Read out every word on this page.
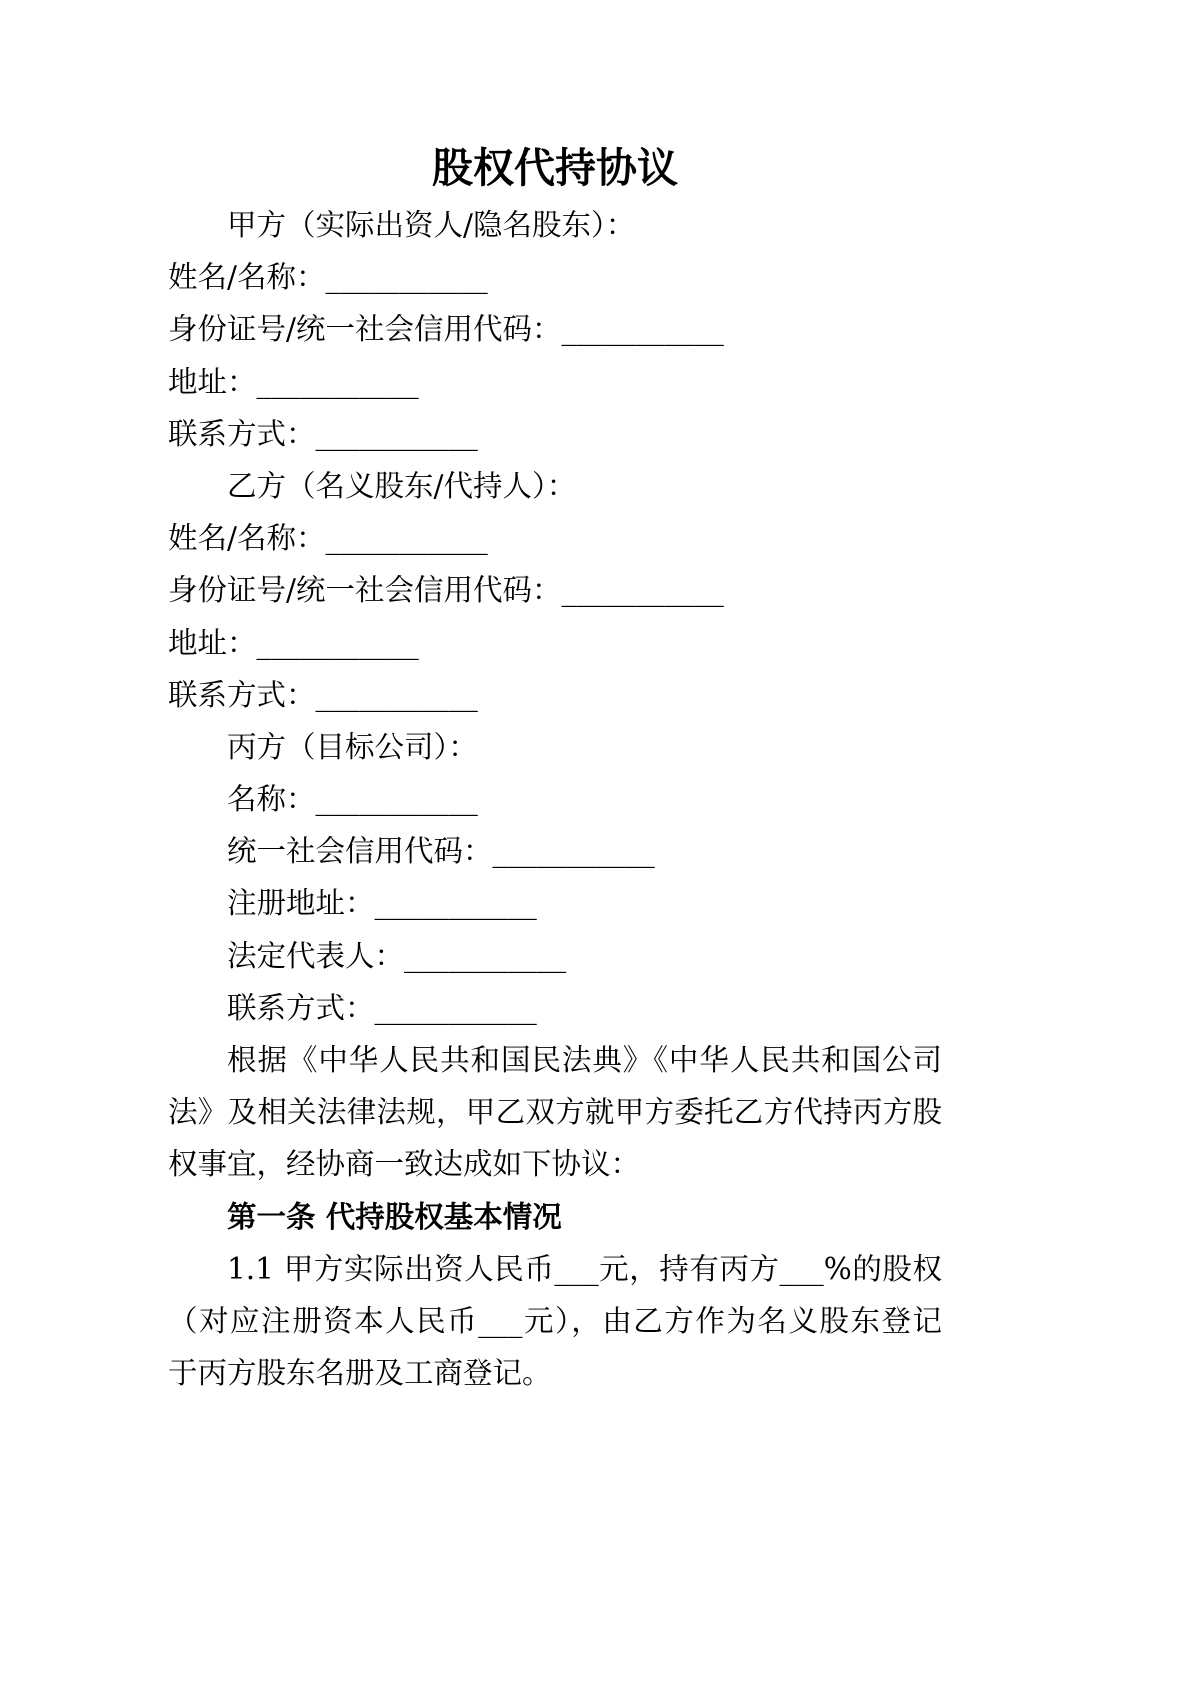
股权代持协议
甲方（实际出资人/隐名股东）：
姓名/名称：___________
身份证号/统一社会信用代码：___________
地址：___________
联系方式：___________
乙方（名义股东/代持人）：
姓名/名称：___________
身份证号/统一社会信用代码：___________
地址：___________
联系方式：___________
丙方（目标公司）：
名称：___________
统一社会信用代码：___________
注册地址：___________
法定代表人：___________
联系方式：___________
根据《中华人民共和国民法典》《中华人民共和国公司
法》及相关法律法规，甲乙双方就甲方委托乙方代持丙方股
权事宜，经协商一致达成如下协议：
第一条 代持股权基本情况
1.1 甲方实际出资人民币___元，持有丙方___%的股权
（对应注册资本人民币___元），由乙方作为名义股东登记
于丙方股东名册及工商登记。
